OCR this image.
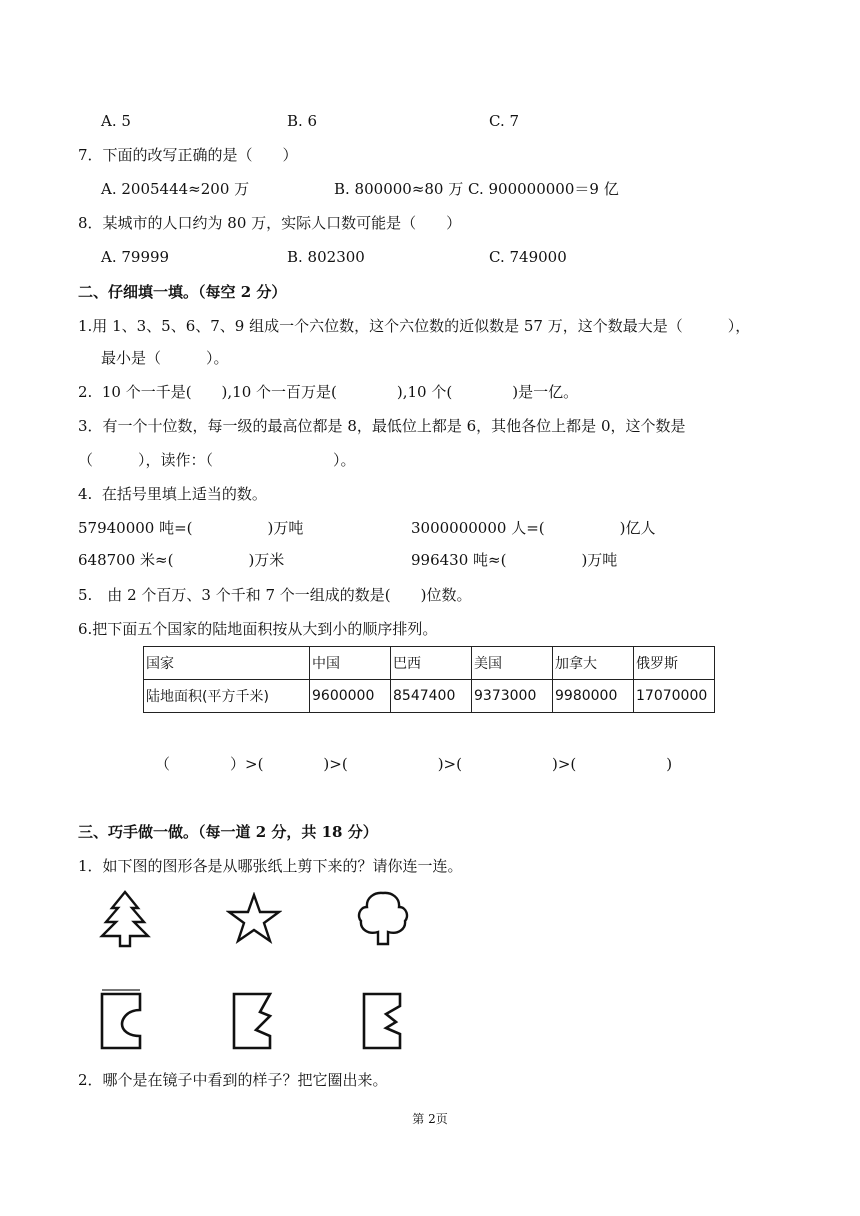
A. 5	B. 6	C. 7
7．下面的改写正确的是（　　）
A. 2005444≈200 万	B. 800000≈80 万 C. 900000000＝9 亿
8．某城市的人口约为 80 万，实际人口数可能是（　　）
A. 79999	B. 802300	C. 749000
二、仔细填一填。（每空 2 分）
1.用 1、3、5、6、7、9 组成一个六位数，这个六位数的近似数是 57 万，这个数最大是（　　　），
最小是（　　　）。
2.  10 个一千是(　　),10 个一百万是(　　　　),10 个(　　　　)是一亿。
3．有一个十位数，每一级的最高位都是 8，最低位上都是 6，其他各位上都是 0，这个数是
（　　　），读作：（　　　　　　　　）。
4.  在括号里填上适当的数。
57940000 吨=(　　　　　)万吨	3000000000 人=(　　　　　)亿人
648700 米≈(　　　　　)万米	996430 吨≈(　　　　　)万吨
5.　由 2 个百万、3 个千和 7 个一组成的数是(　　)位数。
6.把下面五个国家的陆地面积按从大到小的顺序排列。
国家	中国	巴西	美国	加拿大	俄罗斯
陆地面积(平方千米)	9600000	8547400	9373000	9980000	17070000
（　　　　）>(　　　　)>(　　　　　　)>(　　　　　　)>(　　　　　　)
三、巧手做一做。（每一道 2 分，共 18 分）
1．如下图的图形各是从哪张纸上剪下来的？请你连一连。
2．哪个是在镜子中看到的样子？把它圈出来。
第 2页
